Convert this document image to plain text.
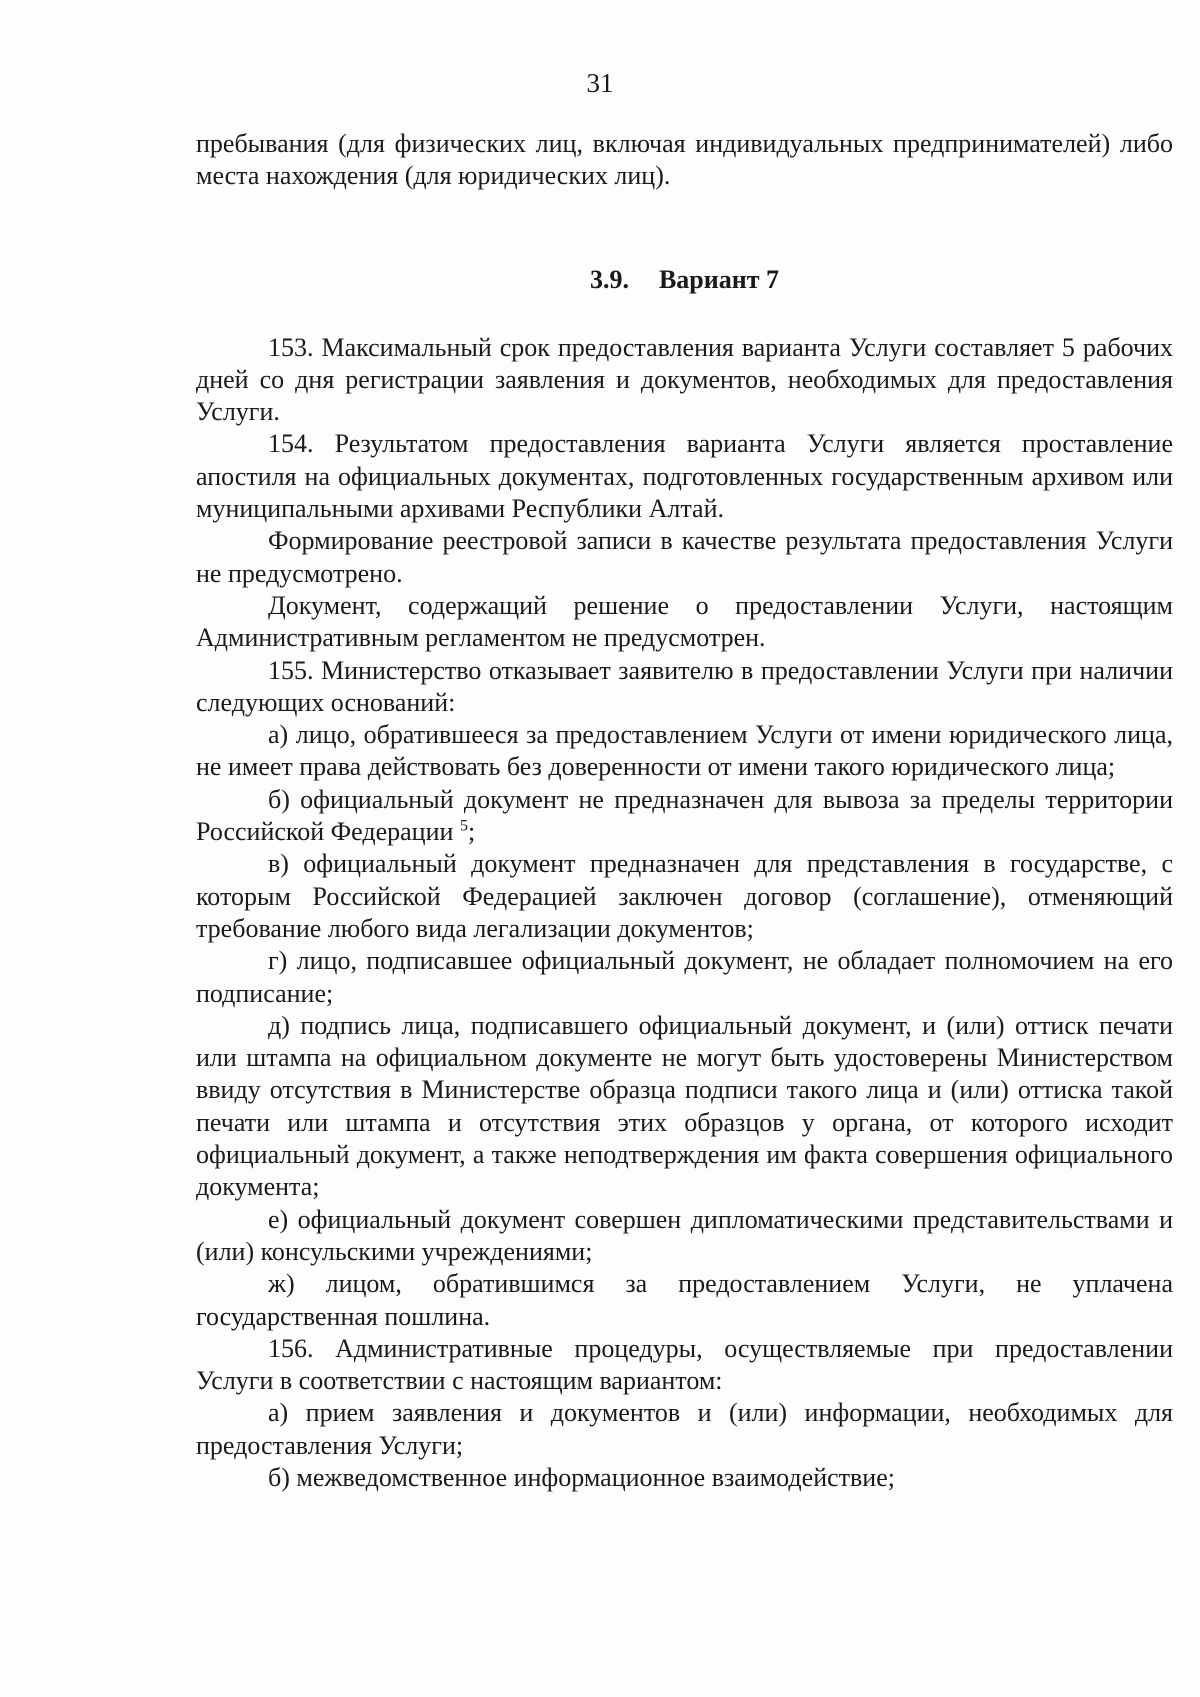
31

пребывания (для физических лиц, включая индивидуальных предпринимателей) либо места нахождения (для юридических лиц).

3.9. Вариант 7

153. Максимальный срок предоставления варианта Услуги составляет 5 рабочих дней со дня регистрации заявления и документов, необходимых для предоставления Услуги.

154. Результатом предоставления варианта Услуги является проставление апостиля на официальных документах, подготовленных государственным архивом или муниципальными архивами Республики Алтай.

Формирование реестровой записи в качестве результата предоставления Услуги не предусмотрено.

Документ, содержащий решение о предоставлении Услуги, настоящим Административным регламентом не предусмотрен.

155. Министерство отказывает заявителю в предоставлении Услуги при наличии следующих оснований:

а) лицо, обратившееся за предоставлением Услуги от имени юридического лица, не имеет права действовать без доверенности от имени такого юридического лица;

б) официальный документ не предназначен для вывоза за пределы территории Российской Федерации $^5$;

в) официальный документ предназначен для представления в государстве, с которым Российской Федерацией заключен договор (соглашение), отменяющий требование любого вида легализации документов;

г) лицо, подписавшее официальный документ, не обладает полномочием на его подписание;

д) подпись лица, подписавшего официальный документ, и (или) оттиск печати или штампа на официальном документе не могут быть удостоверены Министерством ввиду отсутствия в Министерстве образца подписи такого лица и (или) оттиска такой печати или штампа и отсутствия этих образцов у органа, от которого исходит официальный документ, а также неподтверждения им факта совершения официального документа;

е) официальный документ совершен дипломатическими представительствами и (или) консульскими учреждениями;

ж) лицом, обратившимся за предоставлением Услуги, не уплачена государственная пошлина.

156. Административные процедуры, осуществляемые при предоставлении Услуги в соответствии с настоящим вариантом:

а) прием заявления и документов и (или) информации, необходимых для предоставления Услуги;

б) межведомственное информационное взаимодействие;
